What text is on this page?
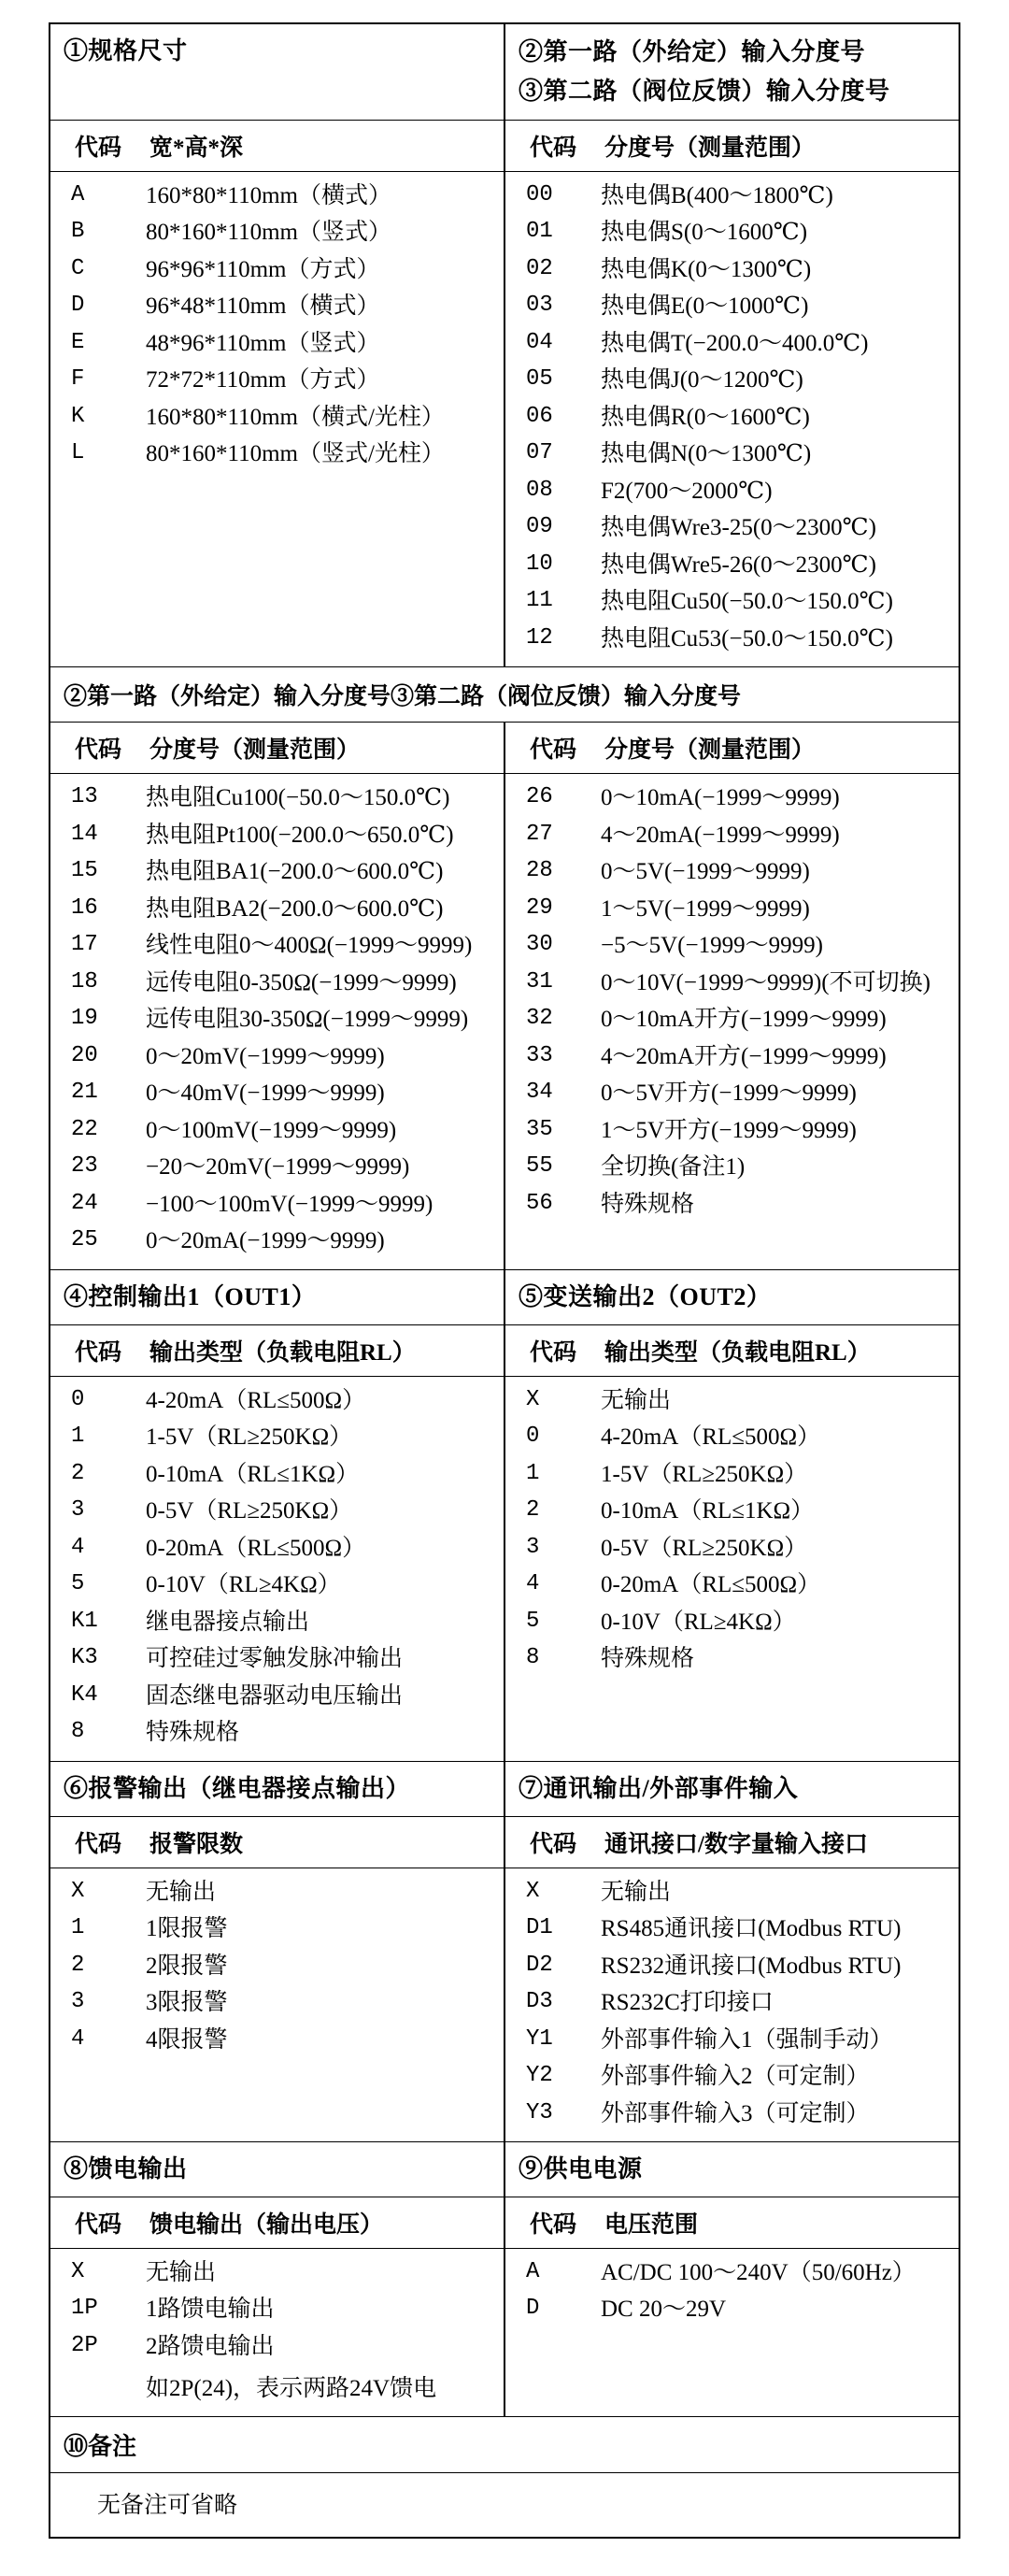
①规格尺寸	②第一路（外给定）输入分度号
③第二路（阀位反馈）输入分度号

代码 宽*高*深	代码 分度号（测量范围）

A	160*80*110mm（横式）
B	80*160*110mm（竖式）
C	96*96*110mm（方式）
D	96*48*110mm（横式）
E	48*96*110mm（竖式）
F	72*72*110mm（方式）
K	160*80*110mm（横式/光柱）
L	80*160*110mm（竖式/光柱）

00	热电偶B(400～1800℃)
01	热电偶S(0～1600℃)
02	热电偶K(0～1300℃)
03	热电偶E(0～1000℃)
04	热电偶T(−200.0～400.0℃)
05	热电偶J(0～1200℃)
06	热电偶R(0～1600℃)
07	热电偶N(0～1300℃)
08	F2(700～2000℃)
09	热电偶Wre3-25(0～2300℃)
10	热电偶Wre5-26(0～2300℃)
11	热电阻Cu50(−50.0～150.0℃)
12	热电阻Cu53(−50.0～150.0℃)

②第一路（外给定）输入分度号③第二路（阀位反馈）输入分度号	

代码 分度号（测量范围）	代码 分度号（测量范围）

13	热电阻Cu100(−50.0～150.0℃)
14	热电阻Pt100(−200.0～650.0℃)
15	热电阻BA1(−200.0～600.0℃)
16	热电阻BA2(−200.0～600.0℃)
17	线性电阻0～400Ω(−1999～9999)
18	远传电阻0-350Ω(−1999～9999)
19	远传电阻30-350Ω(−1999～9999)
20	0～20mV(−1999～9999)
21	0～40mV(−1999～9999)
22	0～100mV(−1999～9999)
23	−20～20mV(−1999～9999)
24	−100～100mV(−1999～9999)
25	0～20mA(−1999～9999)

26	0～10mA(−1999～9999)
27	4～20mA(−1999～9999)
28	0～5V(−1999～9999)
29	1～5V(−1999～9999)
30	−5～5V(−1999～9999)
31	0～10V(−1999～9999)(不可切换)
32	0～10mA开方(−1999～9999)
33	4～20mA开方(−1999～9999)
34	0～5V开方(−1999～9999)
35	1～5V开方(−1999～9999)
55	全切换(备注1)
56	特殊规格

④控制输出1（OUT1）	⑤变送输出2（OUT2）

代码 输出类型（负载电阻RL）	代码 输出类型（负载电阻RL）

0	4-20mA（RL≤500Ω）
1	1-5V（RL≥250KΩ）
2	0-10mA（RL≤1KΩ）
3	0-5V（RL≥250KΩ）
4	0-20mA（RL≤500Ω）
5	0-10V（RL≥4KΩ）
K1	继电器接点输出
K3	可控硅过零触发脉冲输出
K4	固态继电器驱动电压输出
8	特殊规格

X	无输出
0	4-20mA（RL≤500Ω）
1	1-5V（RL≥250KΩ）
2	0-10mA（RL≤1KΩ）
3	0-5V（RL≥250KΩ）
4	0-20mA（RL≤500Ω）
5	0-10V（RL≥4KΩ）
8	特殊规格

⑥报警输出（继电器接点输出）	⑦通讯输出/外部事件输入

代码 报警限数	代码 通讯接口/数字量输入接口

X	无输出
1	1限报警
2	2限报警
3	3限报警
4	4限报警

X	无输出
D1	RS485通讯接口(Modbus RTU)
D2	RS232通讯接口(Modbus RTU)
D3	RS232C打印接口
Y1	外部事件输入1（强制手动）
Y2	外部事件输入2（可定制）
Y3	外部事件输入3（可定制）

⑧馈电输出	⑨供电电源

代码 馈电输出（输出电压）	代码 电压范围

X	无输出
1P	1路馈电输出
2P	2路馈电输出
如2P(24)，表示两路24V馈电

A	AC/DC 100～240V（50/60Hz）
D	DC 20～29V

⑩备注	

无备注可省略	
